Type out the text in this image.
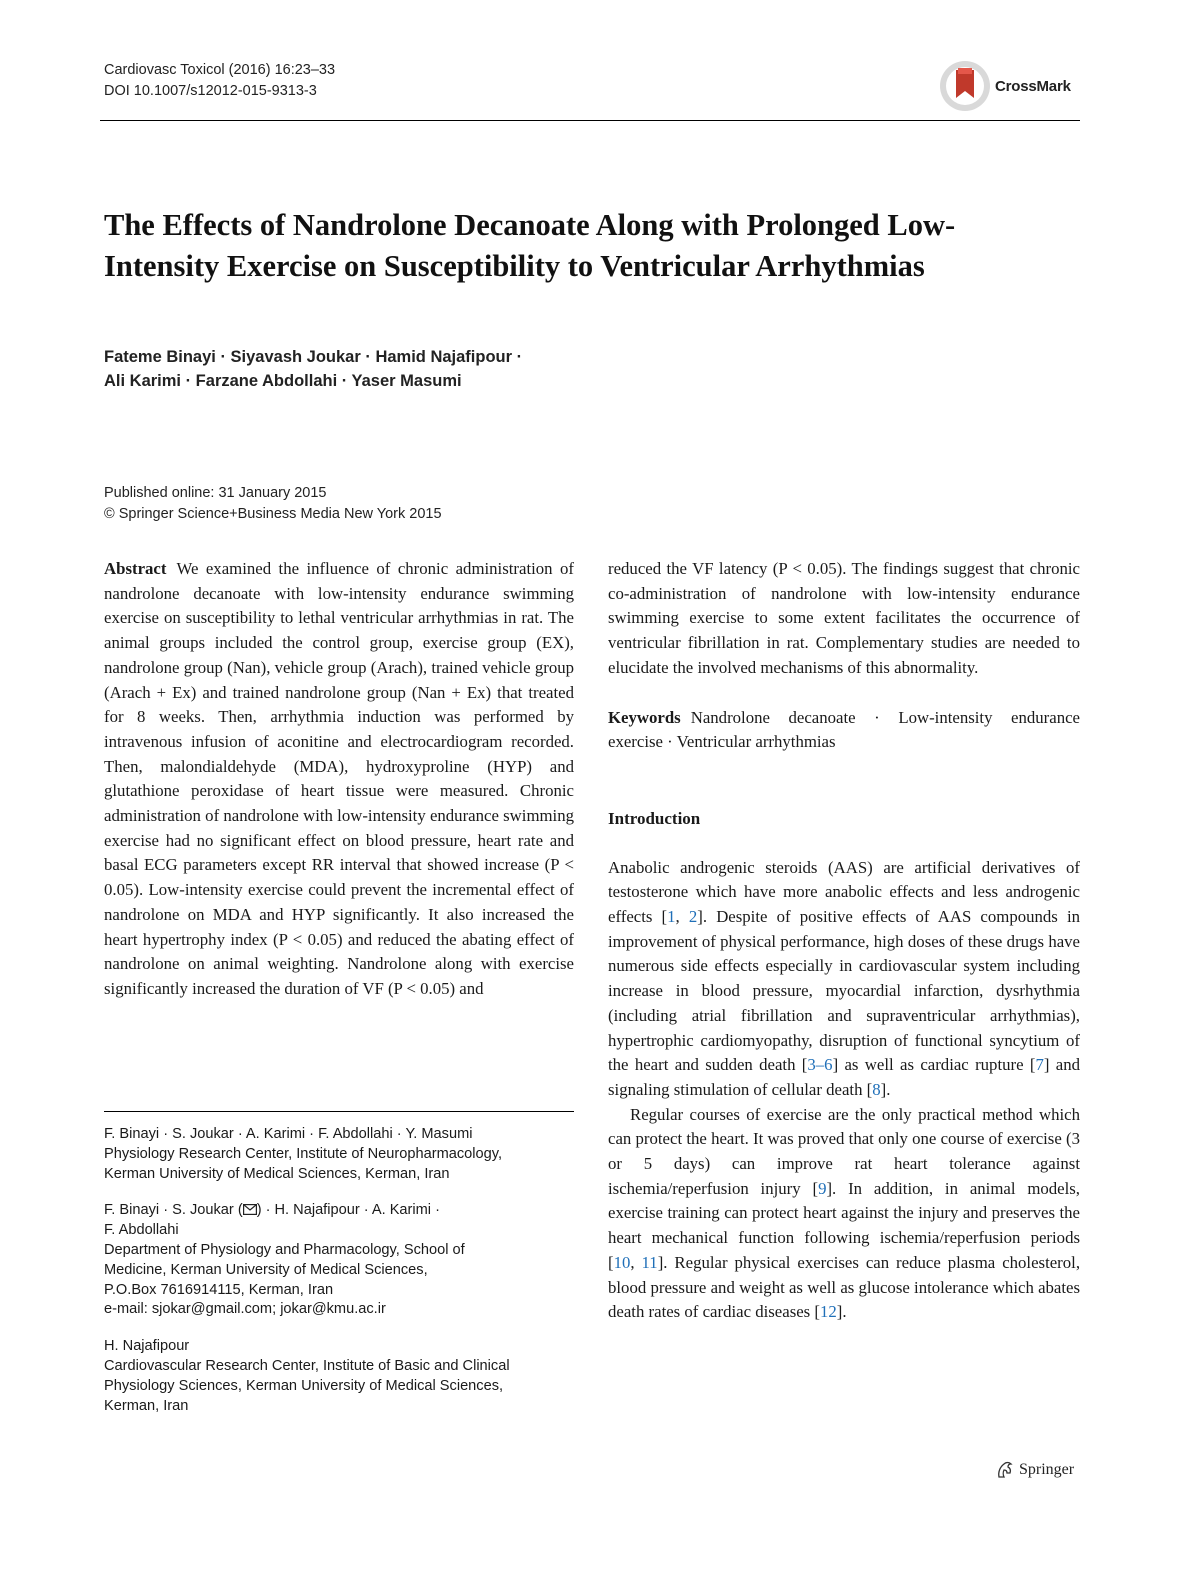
Cardiovasc Toxicol (2016) 16:23–33
DOI 10.1007/s12012-015-9313-3	CrossMark
The Effects of Nandrolone Decanoate Along with Prolonged Low-Intensity Exercise on Susceptibility to Ventricular Arrhythmias
Fateme Binayi · Siyavash Joukar · Hamid Najafipour ·
Ali Karimi · Farzane Abdollahi · Yaser Masumi
Published online: 31 January 2015
© Springer Science+Business Media New York 2015

Abstract We examined the influence of chronic administration of nandrolone decanoate with low-intensity endurance swimming exercise on susceptibility to lethal ventricular arrhythmias in rat. The animal groups included the control group, exercise group (EX), nandrolone group (Nan), vehicle group (Arach), trained vehicle group (Arach + Ex) and trained nandrolone group (Nan + Ex) that treated for 8 weeks. Then, arrhythmia induction was performed by intravenous infusion of aconitine and electrocardiogram recorded. Then, malondialdehyde (MDA), hydroxyproline (HYP) and glutathione peroxidase of heart tissue were measured. Chronic administration of nandrolone with low-intensity endurance swimming exercise had no significant effect on blood pressure, heart rate and basal ECG parameters except RR interval that showed increase (P < 0.05). Low-intensity exercise could prevent the incremental effect of nandrolone on MDA and HYP significantly. It also increased the heart hypertrophy index (P < 0.05) and reduced the abating effect of nandrolone on animal weighting. Nandrolone along with exercise significantly increased the duration of VF (P < 0.05) and

F. Binayi · S. Joukar · A. Karimi · F. Abdollahi · Y. Masumi
Physiology Research Center, Institute of Neuropharmacology,
Kerman University of Medical Sciences, Kerman, Iran
F. Binayi · S. Joukar ( ) · H. Najafipour · A. Karimi ·
F. Abdollahi
Department of Physiology and Pharmacology, School of
Medicine, Kerman University of Medical Sciences,
P.O.Box 7616914115, Kerman, Iran
e-mail: sjokar@gmail.com; jokar@kmu.ac.ir
H. Najafipour
Cardiovascular Research Center, Institute of Basic and Clinical
Physiology Sciences, Kerman University of Medical Sciences,
Kerman, Iran

reduced the VF latency (P < 0.05). The findings suggest that chronic co-administration of nandrolone with low-intensity endurance swimming exercise to some extent facilitates the occurrence of ventricular fibrillation in rat. Complementary studies are needed to elucidate the involved mechanisms of this abnormality.

Keywords Nandrolone decanoate · Low-intensity endurance exercise · Ventricular arrhythmias

Introduction

Anabolic androgenic steroids (AAS) are artificial derivatives of testosterone which have more anabolic effects and less androgenic effects [1, 2]. Despite of positive effects of AAS compounds in improvement of physical performance, high doses of these drugs have numerous side effects especially in cardiovascular system including increase in blood pressure, myocardial infarction, dysrhythmia (including atrial fibrillation and supraventricular arrhythmias), hypertrophic cardiomyopathy, disruption of functional syncytium of the heart and sudden death [3–6] as well as cardiac rupture [7] and signaling stimulation of cellular death [8].

Regular courses of exercise are the only practical method which can protect the heart. It was proved that only one course of exercise (3 or 5 days) can improve rat heart tolerance against ischemia/reperfusion injury [9]. In addition, in animal models, exercise training can protect heart against the injury and preserves the heart mechanical function following ischemia/reperfusion periods [10, 11]. Regular physical exercises can reduce plasma cholesterol, blood pressure and weight as well as glucose intolerance which abates death rates of cardiac diseases [12].

Springer
